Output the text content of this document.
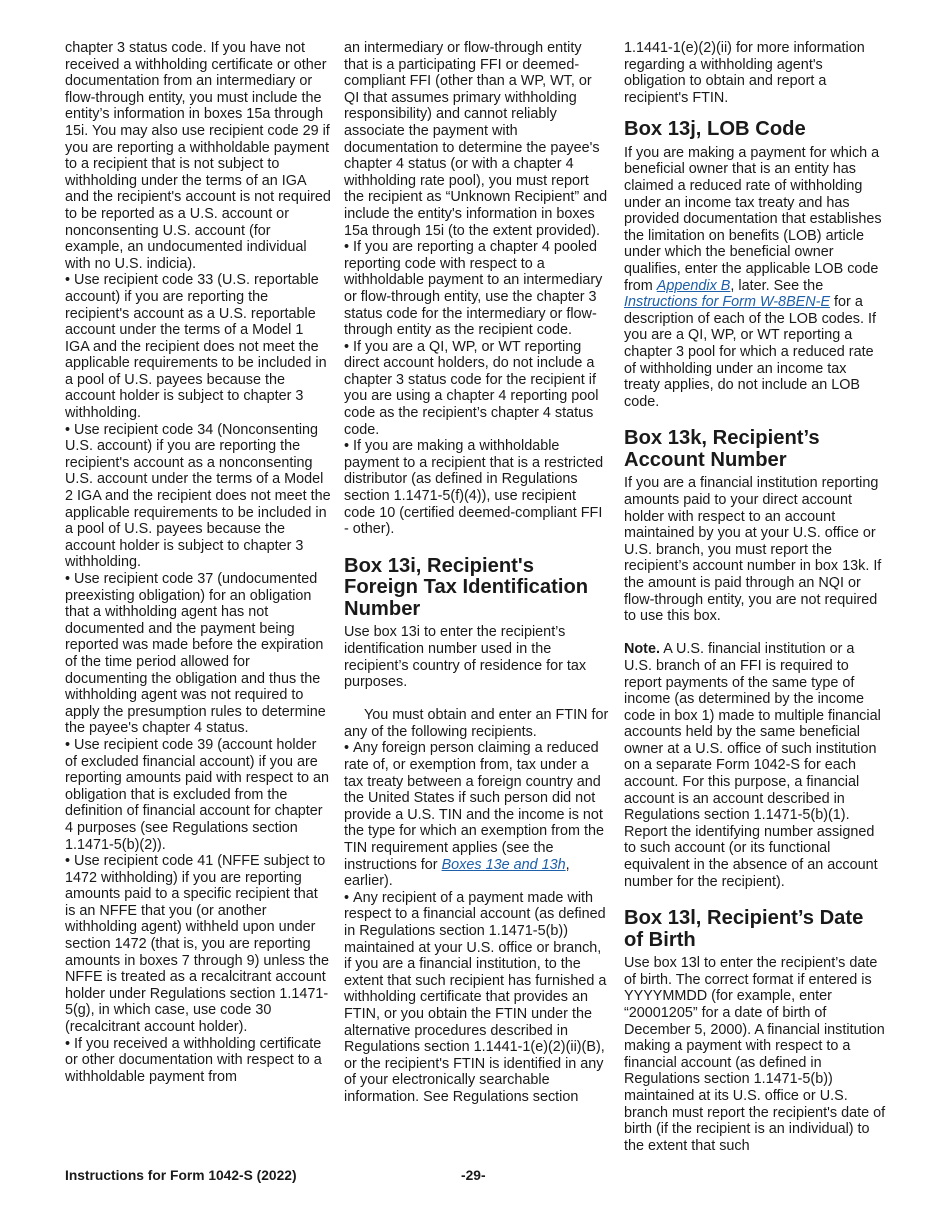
chapter 3 status code. If you have not received a withholding certificate or other documentation from an intermediary or flow-through entity, you must include the entity’s information in boxes 15a through 15i. You may also use recipient code 29 if you are reporting a withholdable payment to a recipient that is not subject to withholding under the terms of an IGA and the recipient's account is not required to be reported as a U.S. account or nonconsenting U.S. account (for example, an undocumented individual with no U.S. indicia).

• Use recipient code 33 (U.S. reportable account) if you are reporting the recipient's account as a U.S. reportable account under the terms of a Model 1 IGA and the recipient does not meet the applicable requirements to be included in a pool of U.S. payees because the account holder is subject to chapter 3 withholding.

• Use recipient code 34 (Nonconsenting U.S. account) if you are reporting the recipient's account as a nonconsenting U.S. account under the terms of a Model 2 IGA and the recipient does not meet the applicable requirements to be included in a pool of U.S. payees because the account holder is subject to chapter 3 withholding.

• Use recipient code 37 (undocumented preexisting obligation) for an obligation that a withholding agent has not documented and the payment being reported was made before the expiration of the time period allowed for documenting the obligation and thus the withholding agent was not required to apply the presumption rules to determine the payee's chapter 4 status.

• Use recipient code 39 (account holder of excluded financial account) if you are reporting amounts paid with respect to an obligation that is excluded from the definition of financial account for chapter 4 purposes (see Regulations section 1.1471-5(b)(2)).

• Use recipient code 41 (NFFE subject to 1472 withholding) if you are reporting amounts paid to a specific recipient that is an NFFE that you (or another withholding agent) withheld upon under section 1472 (that is, you are reporting amounts in boxes 7 through 9) unless the NFFE is treated as a recalcitrant account holder under Regulations section 1.1471-5(g), in which case, use code 30 (recalcitrant account holder).

• If you received a withholding certificate or other documentation with respect to a withholdable payment from

an intermediary or flow-through entity that is a participating FFI or deemed-compliant FFI (other than a WP, WT, or QI that assumes primary withholding responsibility) and cannot reliably associate the payment with documentation to determine the payee's chapter 4 status (or with a chapter 4 withholding rate pool), you must report the recipient as “Unknown Recipient” and include the entity's information in boxes 15a through 15i (to the extent provided).

• If you are reporting a chapter 4 pooled reporting code with respect to a withholdable payment to an intermediary or flow-through entity, use the chapter 3 status code for the intermediary or flow-through entity as the recipient code.

• If you are a QI, WP, or WT reporting direct account holders, do not include a chapter 3 status code for the recipient if you are using a chapter 4 reporting pool code as the recipient’s chapter 4 status code.

• If you are making a withholdable payment to a recipient that is a restricted distributor (as defined in Regulations section 1.1471-5(f)(4)), use recipient code 10 (certified deemed-compliant FFI - other).

Box 13i, Recipient's Foreign Tax Identification Number

Use box 13i to enter the recipient’s identification number used in the recipient’s country of residence for tax purposes.

You must obtain and enter an FTIN for any of the following recipients.

• Any foreign person claiming a reduced rate of, or exemption from, tax under a tax treaty between a foreign country and the United States if such person did not provide a U.S. TIN and the income is not the type for which an exemption from the TIN requirement applies (see the instructions for Boxes 13e and 13h, earlier).

• Any recipient of a payment made with respect to a financial account (as defined in Regulations section 1.1471-5(b)) maintained at your U.S. office or branch, if you are a financial institution, to the extent that such recipient has furnished a withholding certificate that provides an FTIN, or you obtain the FTIN under the alternative procedures described in Regulations section 1.1441-1(e)(2)(ii)(B), or the recipient's FTIN is identified in any of your electronically searchable information. See Regulations section

1.1441-1(e)(2)(ii) for more information regarding a withholding agent's obligation to obtain and report a recipient's FTIN.

Box 13j, LOB Code

If you are making a payment for which a beneficial owner that is an entity has claimed a reduced rate of withholding under an income tax treaty and has provided documentation that establishes the limitation on benefits (LOB) article under which the beneficial owner qualifies, enter the applicable LOB code from Appendix B, later. See the Instructions for Form W-8BEN-E for a description of each of the LOB codes. If you are a QI, WP, or WT reporting a chapter 3 pool for which a reduced rate of withholding under an income tax treaty applies, do not include an LOB code.

Box 13k, Recipient’s Account Number

If you are a financial institution reporting amounts paid to your direct account holder with respect to an account maintained by you at your U.S. office or U.S. branch, you must report the recipient’s account number in box 13k. If the amount is paid through an NQI or flow-through entity, you are not required to use this box.

Note. A U.S. financial institution or a U.S. branch of an FFI is required to report payments of the same type of income (as determined by the income code in box 1) made to multiple financial accounts held by the same beneficial owner at a U.S. office of such institution on a separate Form 1042-S for each account. For this purpose, a financial account is an account described in Regulations section 1.1471-5(b)(1). Report the identifying number assigned to such account (or its functional equivalent in the absence of an account number for the recipient).

Box 13l, Recipient’s Date of Birth

Use box 13l to enter the recipient’s date of birth. The correct format if entered is YYYYMMDD (for example, enter “20001205” for a date of birth of December 5, 2000). A financial institution making a payment with respect to a financial account (as defined in Regulations section 1.1471-5(b)) maintained at its U.S. office or U.S. branch must report the recipient's date of birth (if the recipient is an individual) to the extent that such

Instructions for Form 1042-S (2022)	-29-
